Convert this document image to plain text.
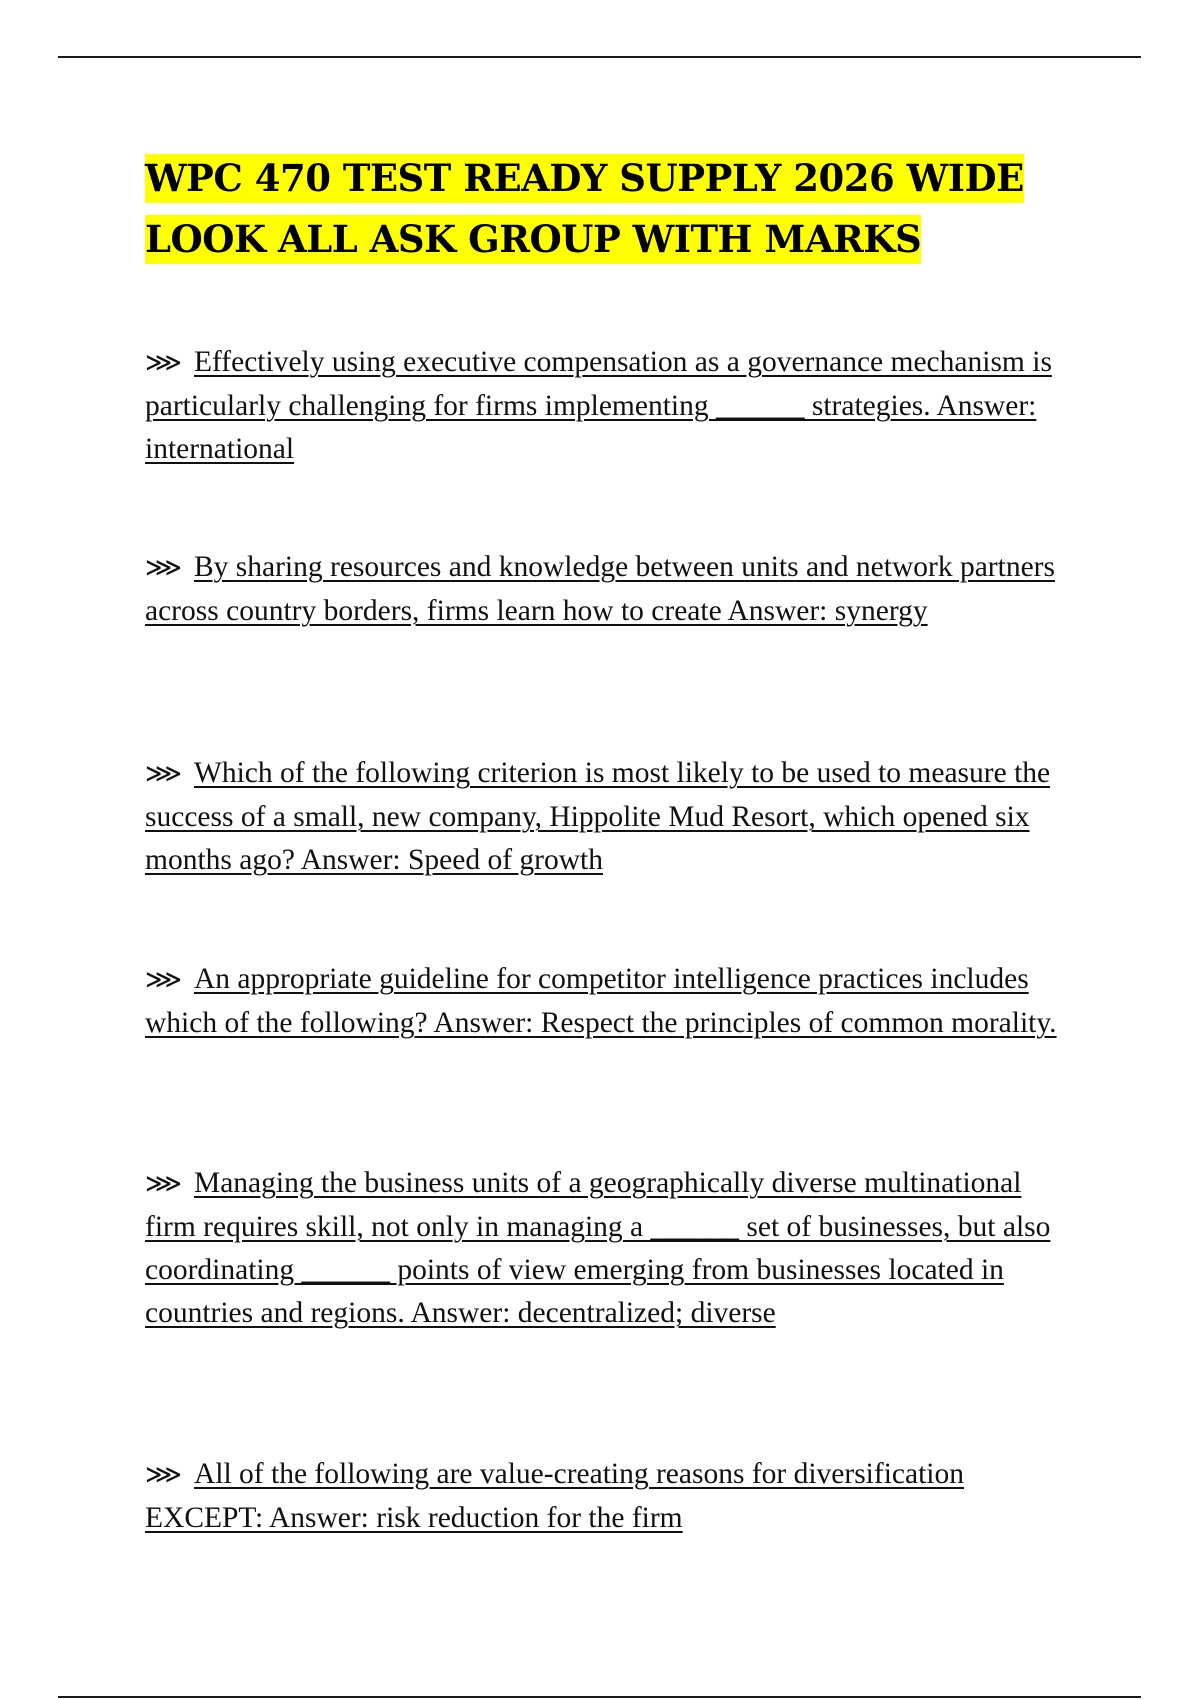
WPC 470 TEST READY SUPPLY 2026 WIDE
LOOK ALL ASK GROUP WITH MARKS

⋙ Effectively using executive compensation as a governance mechanism is particularly challenging for firms implementing ______ strategies. Answer: international

⋙ By sharing resources and knowledge between units and network partners across country borders, firms learn how to create Answer: synergy

⋙ Which of the following criterion is most likely to be used to measure the success of a small, new company, Hippolite Mud Resort, which opened six months ago? Answer: Speed of growth

⋙ An appropriate guideline for competitor intelligence practices includes which of the following? Answer: Respect the principles of common morality.

⋙ Managing the business units of a geographically diverse multinational firm requires skill, not only in managing a ______ set of businesses, but also coordinating ______ points of view emerging from businesses located in countries and regions. Answer: decentralized; diverse

⋙ All of the following are value-creating reasons for diversification EXCEPT: Answer: risk reduction for the firm
